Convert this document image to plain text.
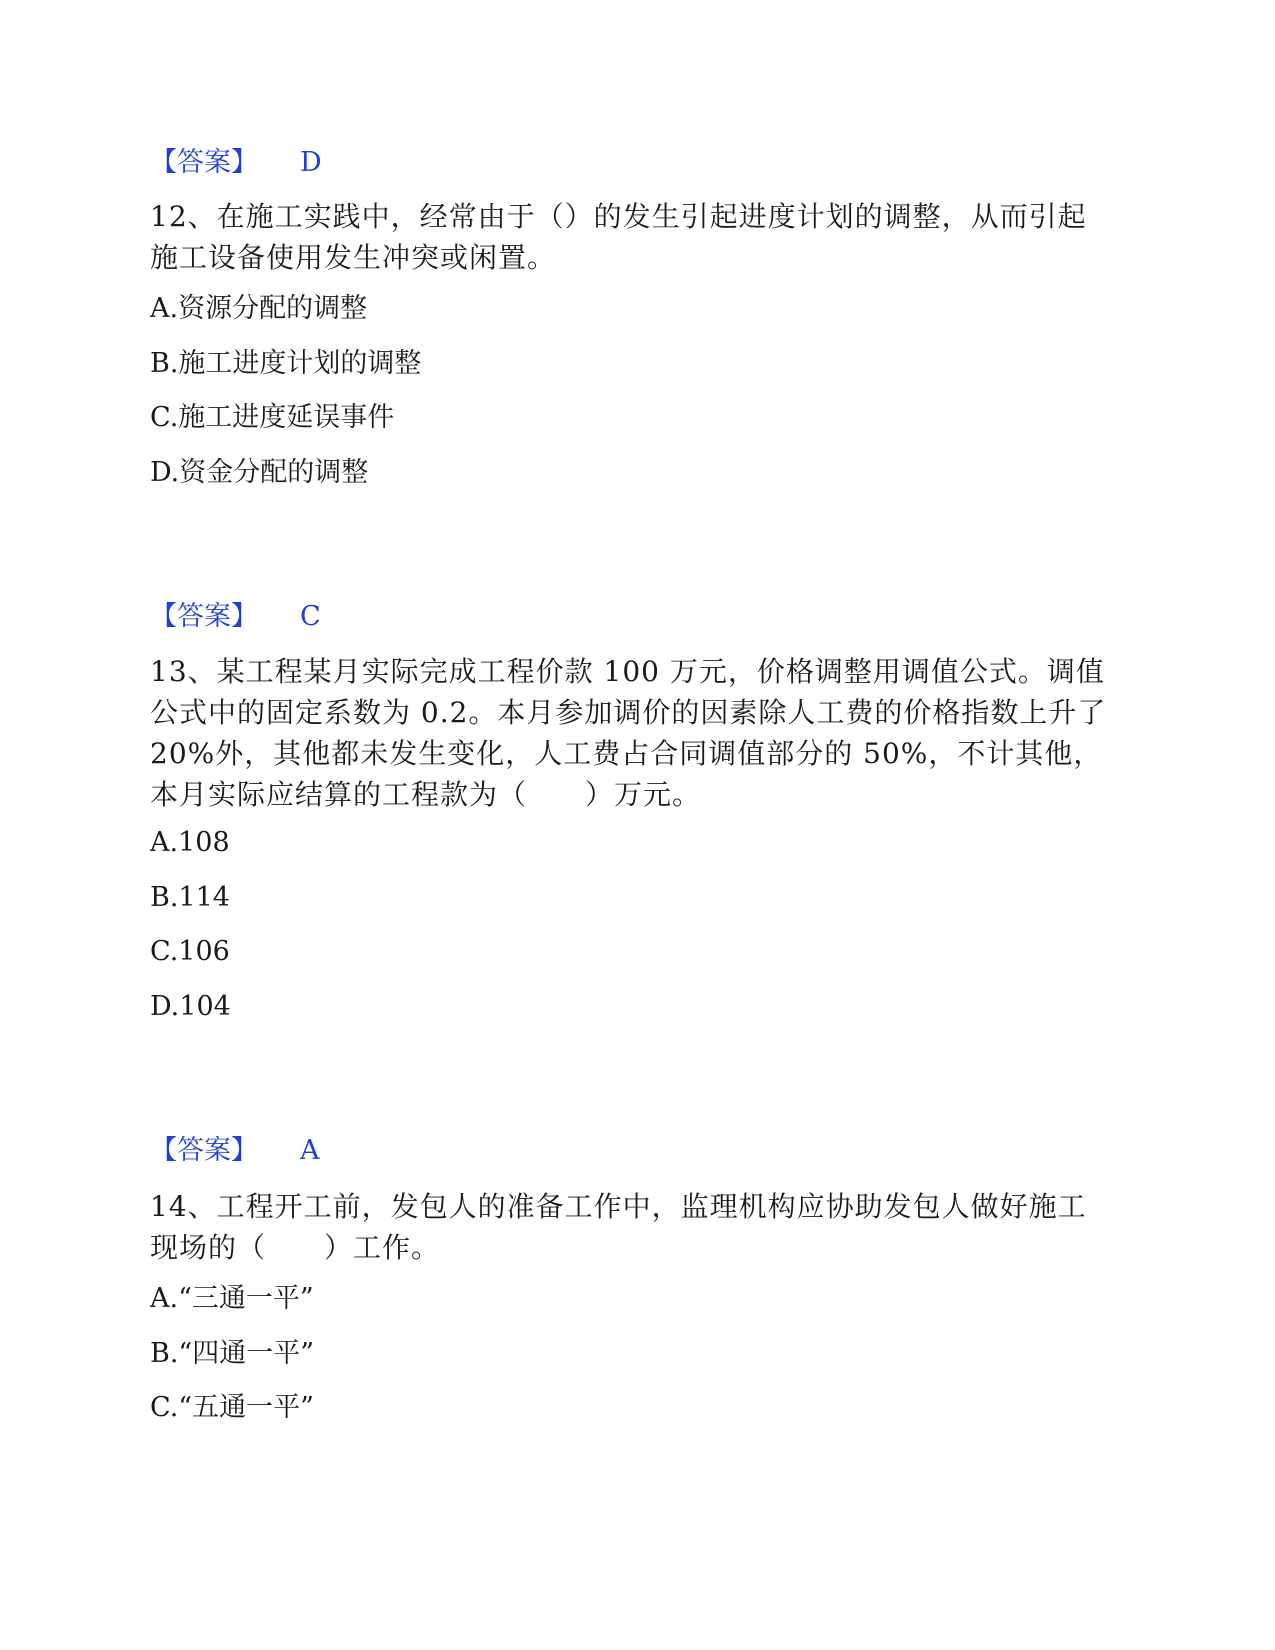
【答案】 D
12、在施工实践中，经常由于（）的发生引起进度计划的调整，从而引起施工设备使用发生冲突或闲置。
A.资源分配的调整
B.施工进度计划的调整
C.施工进度延误事件
D.资金分配的调整
【答案】 C
13、某工程某月实际完成工程价款 100 万元，价格调整用调值公式。调值公式中的固定系数为 0.2。本月参加调价的因素除人工费的价格指数上升了 20%外，其他都未发生变化，人工费占合同调值部分的 50%，不计其他，本月实际应结算的工程款为（　　）万元。
A.108
B.114
C.106
D.104
【答案】 A
14、工程开工前，发包人的准备工作中，监理机构应协助发包人做好施工现场的（　　）工作。
A.“三通一平”
B.“四通一平”
C.“五通一平”
